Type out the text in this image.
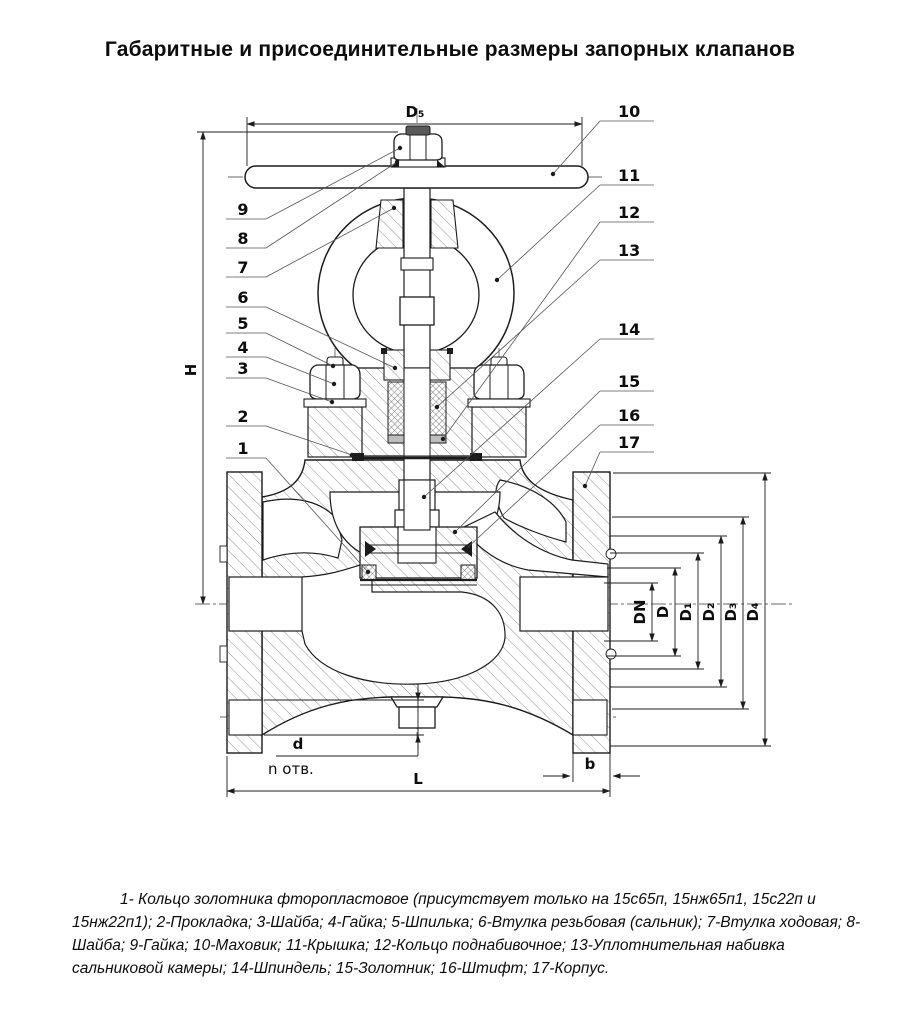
Габаритные и присоединительные размеры запорных клапанов
D₅
H
L
d
n отв.	b
DN D D₁ D₂ D₃ D₄
9
8
7
6
5
4
3
2
1
10
11
12
13
14
15
16
17

1- Кольцо золотника фторопластовое (присутствует только на 15с65п, 15нж65п1, 15с22п и 15нж22п1); 2-Прокладка; 3-Шайба; 4-Гайка; 5-Шпилька; 6-Втулка резьбовая (сальник); 7-Втулка ходовая; 8-Шайба; 9-Гайка; 10-Маховик; 11-Крышка; 12-Кольцо поднабивочное; 13-Уплотнительная набивка сальниковой камеры; 14-Шпиндель; 15-Золотник; 16-Штифт; 17-Корпус.
